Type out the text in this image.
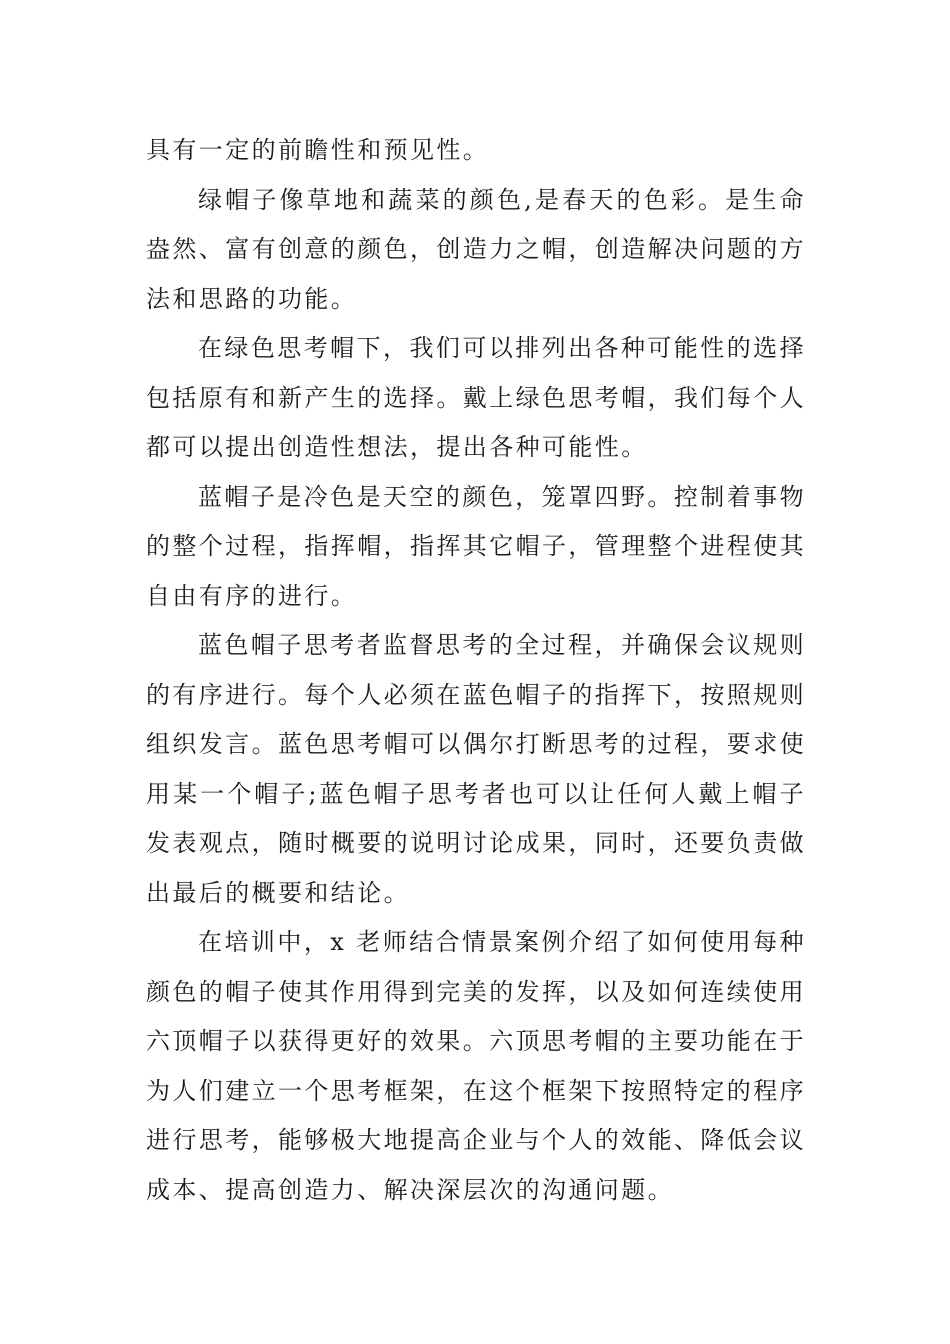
具有一定的前瞻性和预见性。

绿帽子像草地和蔬菜的颜色,是春天的色彩。是生命盎然、富有创意的颜色，创造力之帽，创造解决问题的方法和思路的功能。

在绿色思考帽下，我们可以排列出各种可能性的选择包括原有和新产生的选择。戴上绿色思考帽，我们每个人都可以提出创造性想法，提出各种可能性。

蓝帽子是冷色是天空的颜色，笼罩四野。控制着事物的整个过程，指挥帽，指挥其它帽子，管理整个进程使其自由有序的进行。

蓝色帽子思考者监督思考的全过程，并确保会议规则的有序进行。每个人必须在蓝色帽子的指挥下，按照规则组织发言。蓝色思考帽可以偶尔打断思考的过程，要求使用某一个帽子;蓝色帽子思考者也可以让任何人戴上帽子发表观点，随时概要的说明讨论成果，同时，还要负责做出最后的概要和结论。

在培训中，x 老师结合情景案例介绍了如何使用每种颜色的帽子使其作用得到完美的发挥，以及如何连续使用六顶帽子以获得更好的效果。六顶思考帽的主要功能在于为人们建立一个思考框架，在这个框架下按照特定的程序进行思考，能够极大地提高企业与个人的效能、降低会议成本、提高创造力、解决深层次的沟通问题。
